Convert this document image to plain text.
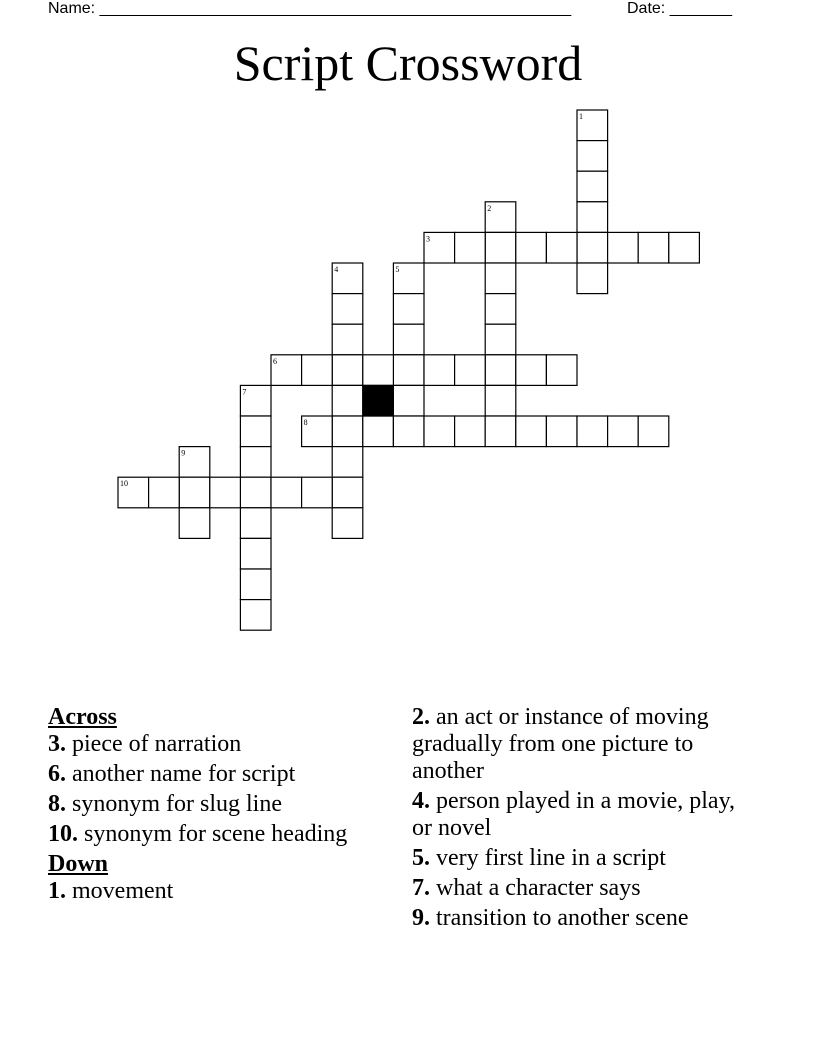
Name: _____________________________________________________	Date: _______
Script Crossword
1
2
3
4	5
6
7
8
9
10
Across
3. piece of narration
6. another name for script
8. synonym for slug line
10. synonym for scene heading
Down
1. movement
2. an act or instance of moving gradually from one picture to another
4. person played in a movie, play, or novel
5. very first line in a script
7. what a character says
9. transition to another scene
